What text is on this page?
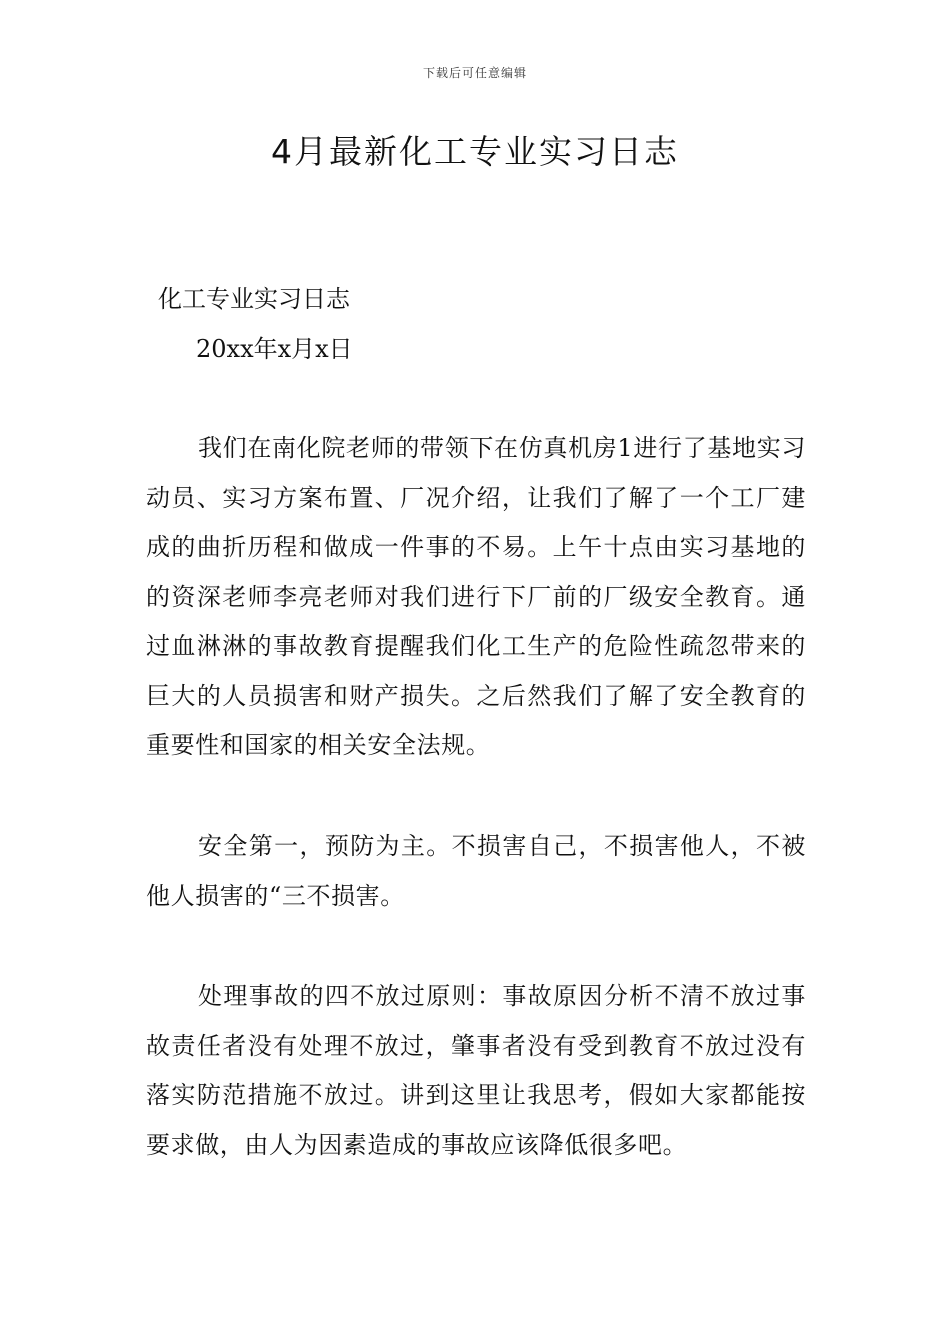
下载后可任意编辑
4月最新化工专业实习日志
化工专业实习日志
20xx年x月x日

我们在南化院老师的带领下在仿真机房1进行了基地实习动员、实习方案布置、厂况介绍，让我们了解了一个工厂建成的曲折历程和做成一件事的不易。上午十点由实习基地的的资深老师李亮老师对我们进行下厂前的厂级安全教育。通过血淋淋的事故教育提醒我们化工生产的危险性疏忽带来的巨大的人员损害和财产损失。之后然我们了解了安全教育的重要性和国家的相关安全法规。

安全第一，预防为主。不损害自己，不损害他人，不被他人损害的“三不损害。

处理事故的四不放过原则：事故原因分析不清不放过事故责任者没有处理不放过，肇事者没有受到教育不放过没有落实防范措施不放过。讲到这里让我思考，假如大家都能按要求做，由人为因素造成的事故应该降低很多吧。
